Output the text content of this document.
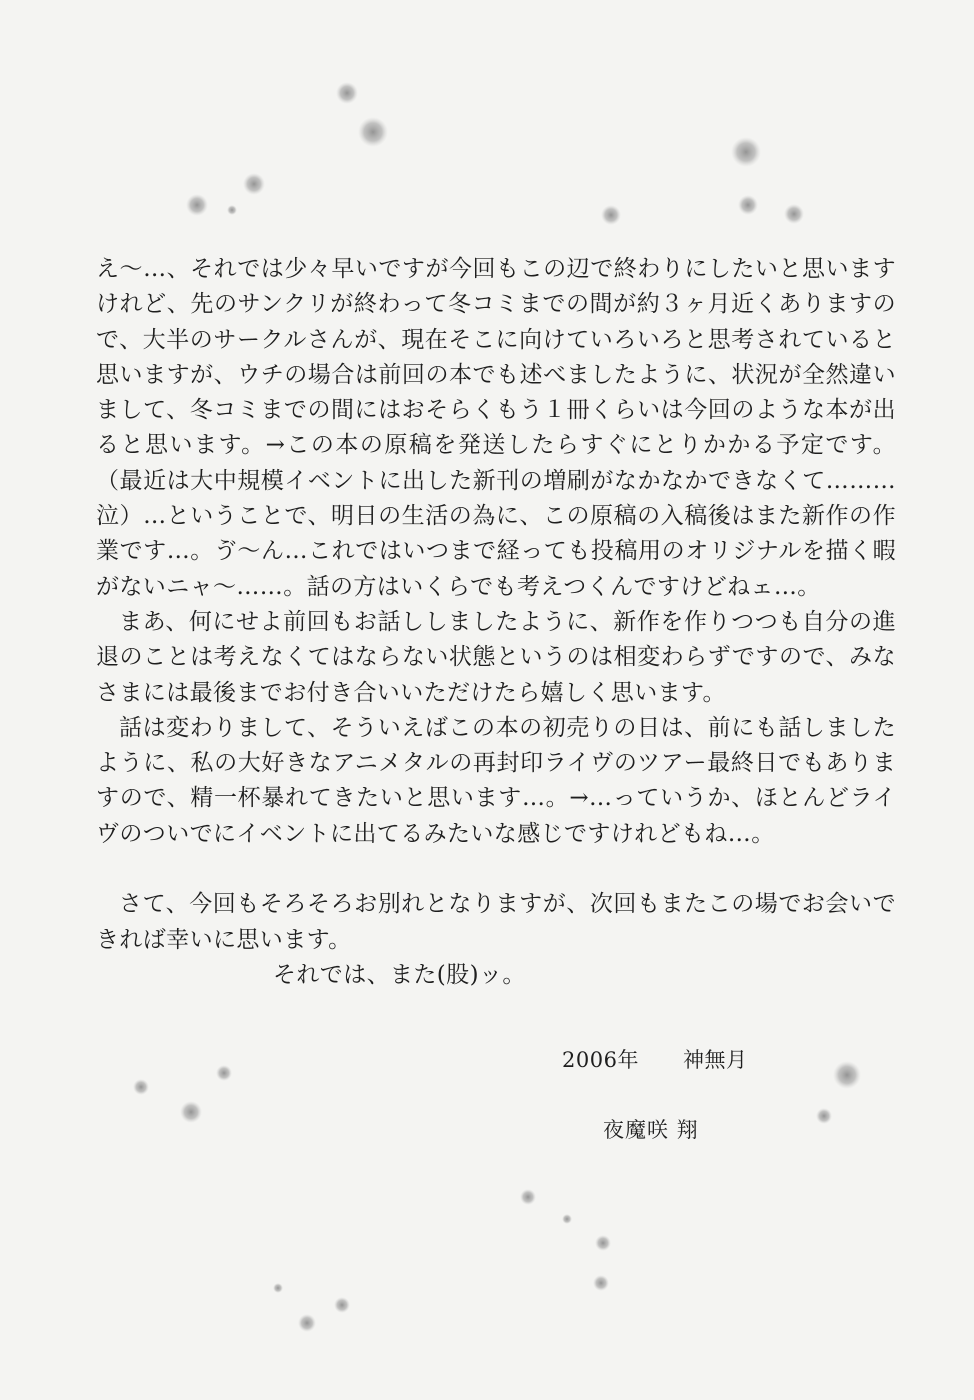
え～…、それでは少々早いですが今回もこの辺で終わりにしたいと思いますけれど、先のサンクリが終わって冬コミまでの間が約３ヶ月近くありますので、大半のサークルさんが、現在そこに向けていろいろと思考されていると思いますが、ウチの場合は前回の本でも述べましたように、状況が全然違いまして、冬コミまでの間にはおそらくもう１冊くらいは今回のような本が出ると思います。→この本の原稿を発送したらすぐにとりかかる予定です。（最近は大中規模イベントに出した新刊の増刷がなかなかできなくて………泣）…ということで、明日の生活の為に、この原稿の入稿後はまた新作の作業です…。ゔ～ん…これではいつまで経っても投稿用のオリジナルを描く暇がないニャ～……。話の方はいくらでも考えつくんですけどねェ…。

まあ、何にせよ前回もお話ししましたように、新作を作りつつも自分の進退のことは考えなくてはならない状態というのは相変わらずですので、みなさまには最後までお付き合いいただけたら嬉しく思います。

話は変わりまして、そういえばこの本の初売りの日は、前にも話しましたように、私の大好きなアニメタルの再封印ライヴのツアー最終日でもありますので、精一杯暴れてきたいと思います…。→…っていうか、ほとんどライヴのついでにイベントに出てるみたいな感じですけれどもね…。

さて、今回もそろそろお別れとなりますが、次回もまたこの場でお会いできれば幸いに思います。

それでは、また(股)ッ。

2006年 神無月
夜魔咲 翔
